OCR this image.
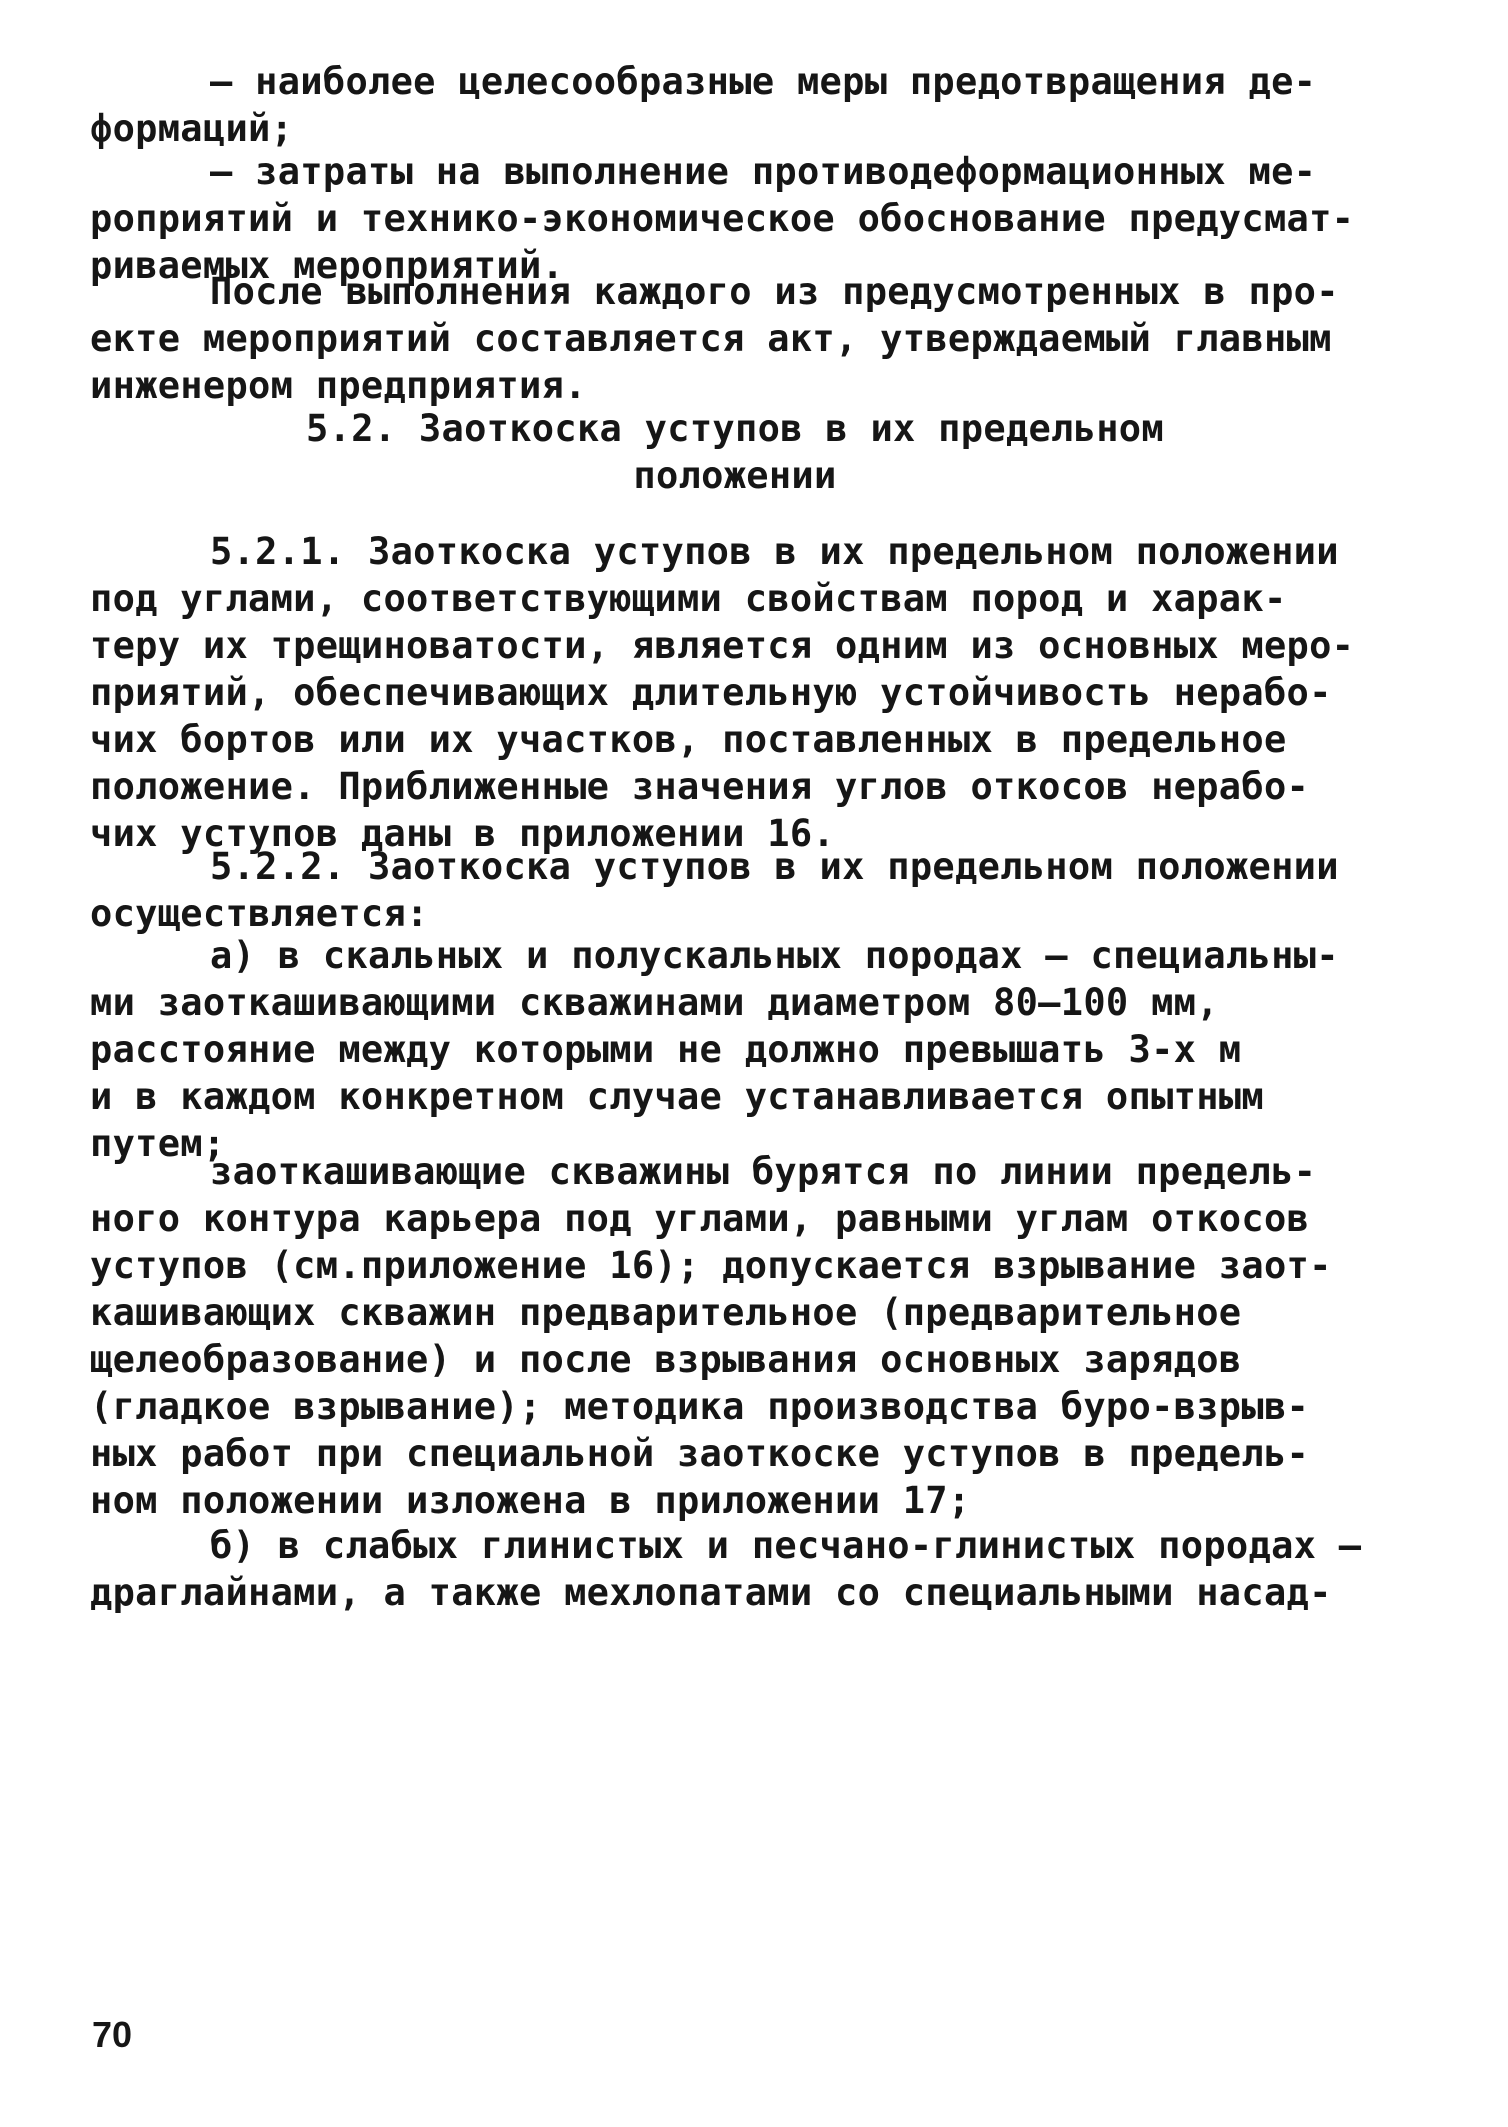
– наиболее целесообразные меры предотвращения де-
формаций;
– затраты на выполнение противодеформационных ме-
роприятий и технико-экономическое обоснование предусмат-
риваемых мероприятий.
После выполнения каждого из предусмотренных в про-
екте мероприятий составляется акт, утверждаемый главным
инженером предприятия.
5.2. Заоткоска уступов в их предельном
положении
5.2.1. Заоткоска уступов в их предельном положении
под углами, соответствующими свойствам пород и харак-
теру их трещиноватости, является одним из основных меро-
приятий, обеспечивающих длительную устойчивость нерабо-
чих бортов или их участков, поставленных в предельное
положение. Приближенные значения углов откосов нерабо-
чих уступов даны в приложении 16.
5.2.2. Заоткоска уступов в их предельном положении
осуществляется:
а) в скальных и полускальных породах – специальны-
ми заоткашивающими скважинами диаметром 80–100 мм,
расстояние между которыми не должно превышать 3-х м
и в каждом конкретном случае устанавливается опытным
путем;
заоткашивающие скважины бурятся по линии предель-
ного контура карьера под углами, равными углам откосов
уступов (см.приложение 16); допускается взрывание заот-
кашивающих скважин предварительное (предварительное
щелеобразование) и после взрывания основных зарядов
(гладкое взрывание); методика производства буро-взрыв-
ных работ при специальной заоткоске уступов в предель-
ном положении изложена в приложении 17;
б) в слабых глинистых и песчано-глинистых породах –
драглайнами, а также мехлопатами со специальными насад-
70
